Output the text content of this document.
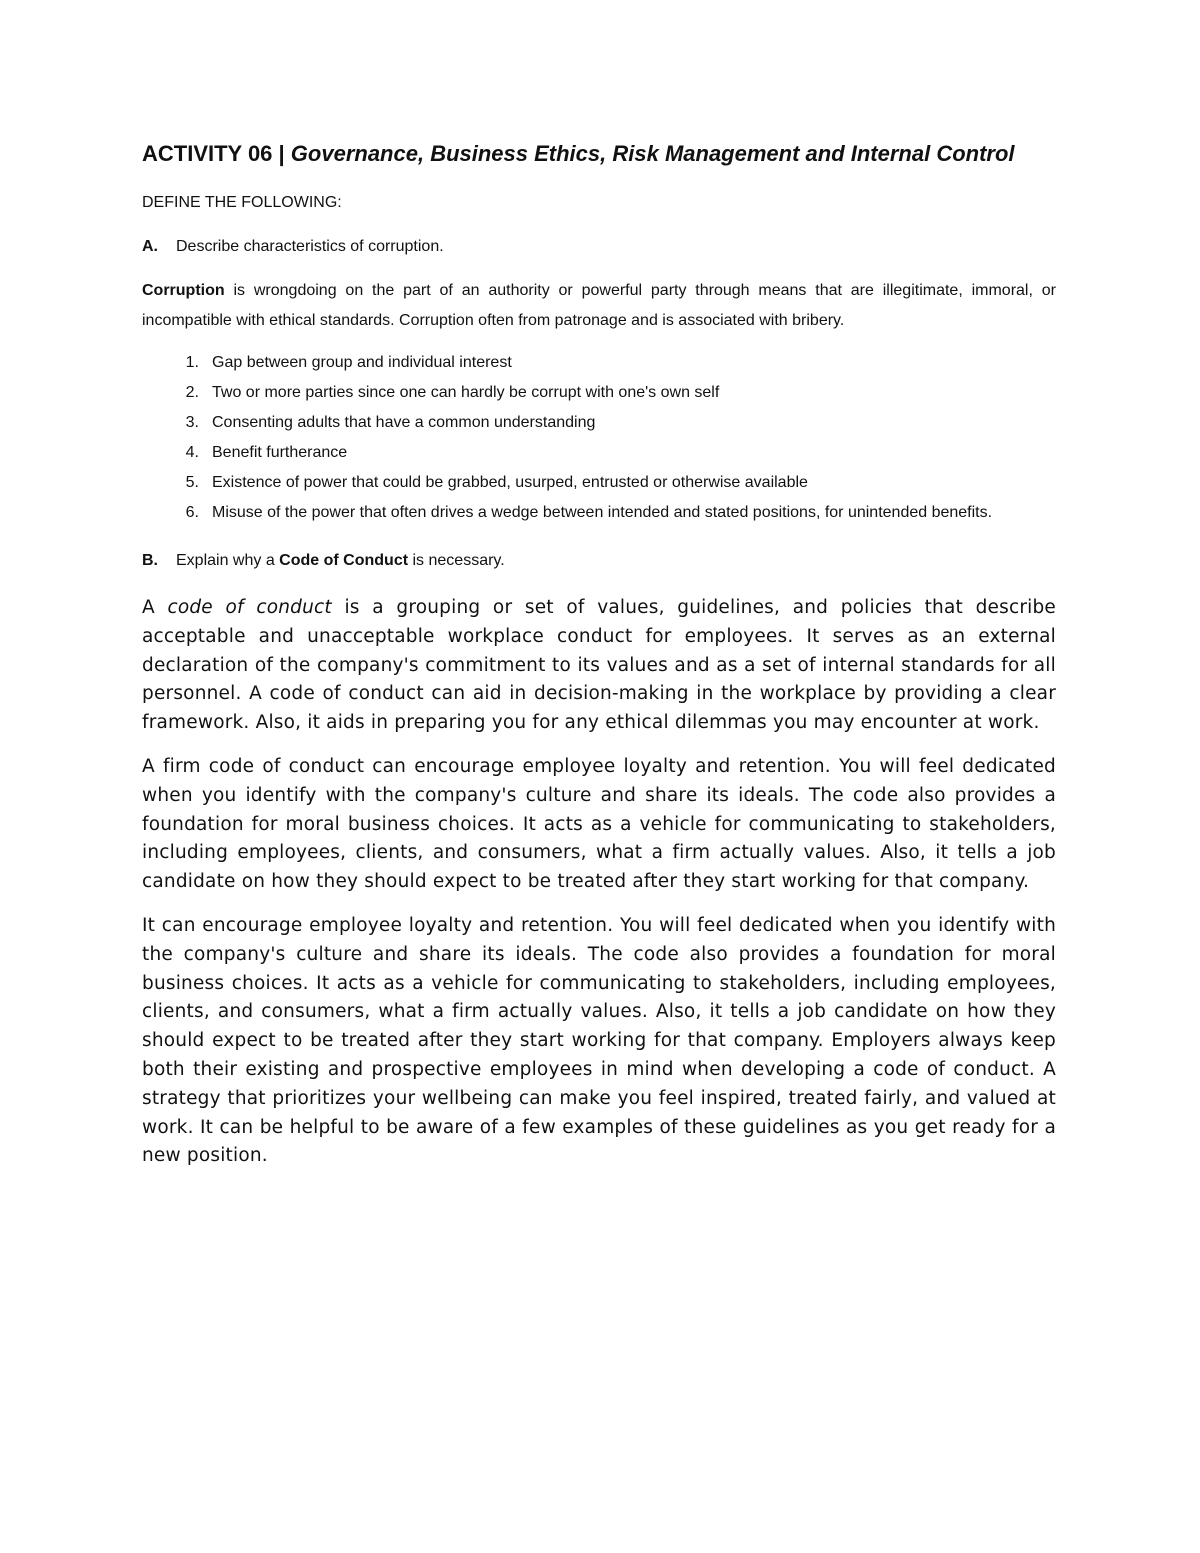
ACTIVITY 06 | Governance, Business Ethics, Risk Management and Internal Control

DEFINE THE FOLLOWING:

A.	Describe characteristics of corruption.

Corruption is wrongdoing on the part of an authority or powerful party through means that are illegitimate, immoral, or incompatible with ethical standards. Corruption often from patronage and is associated with bribery.

1. Gap between group and individual interest
2. Two or more parties since one can hardly be corrupt with one's own self
3. Consenting adults that have a common understanding
4. Benefit furtherance
5. Existence of power that could be grabbed, usurped, entrusted or otherwise available
6. Misuse of the power that often drives a wedge between intended and stated positions, for unintended benefits.
B.	Explain why a Code of Conduct is necessary.

A code of conduct is a grouping or set of values, guidelines, and policies that describe acceptable and unacceptable workplace conduct for employees. It serves as an external declaration of the company's commitment to its values and as a set of internal standards for all personnel. A code of conduct can aid in decision-making in the workplace by providing a clear framework. Also, it aids in preparing you for any ethical dilemmas you may encounter at work.

A firm code of conduct can encourage employee loyalty and retention. You will feel dedicated when you identify with the company's culture and share its ideals. The code also provides a foundation for moral business choices. It acts as a vehicle for communicating to stakeholders, including employees, clients, and consumers, what a firm actually values. Also, it tells a job candidate on how they should expect to be treated after they start working for that company.

It can encourage employee loyalty and retention. You will feel dedicated when you identify with the company's culture and share its ideals. The code also provides a foundation for moral business choices. It acts as a vehicle for communicating to stakeholders, including employees, clients, and consumers, what a firm actually values. Also, it tells a job candidate on how they should expect to be treated after they start working for that company. Employers always keep both their existing and prospective employees in mind when developing a code of conduct. A strategy that prioritizes your wellbeing can make you feel inspired, treated fairly, and valued at work. It can be helpful to be aware of a few examples of these guidelines as you get ready for a new position.
